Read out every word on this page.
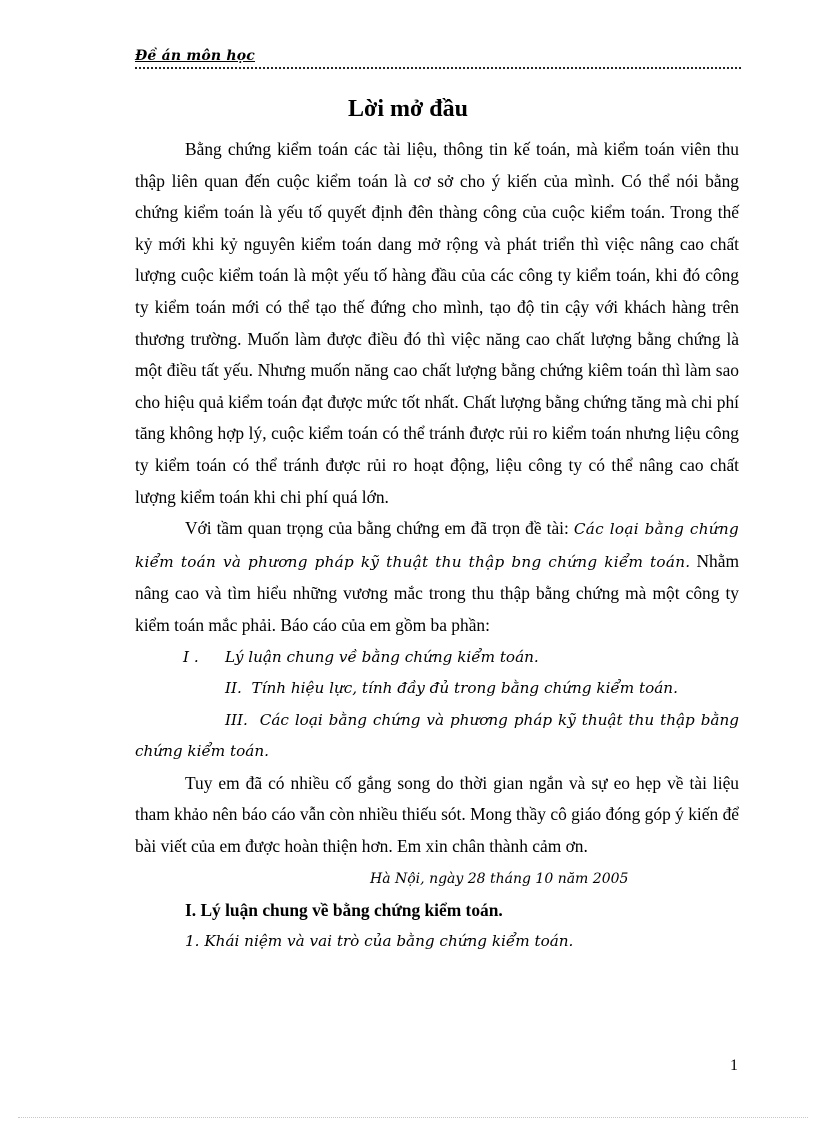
Đề án môn học
Lời mở đầu

Bằng chứng kiểm toán các tài liệu, thông tin kế toán, mà kiểm toán viên thu thập liên quan đến cuộc kiểm toán là cơ sở cho ý kiến của mình. Có thể nói bằng chứng kiểm toán là yếu tố quyết định đên thàng công của cuộc kiểm toán. Trong thế kỷ mới khi kỷ nguyên kiểm toán dang mở rộng và phát triển thì việc nâng cao chất lượng cuộc kiểm toán là một yếu tố hàng đầu của các công ty kiểm toán, khi đó công ty kiểm toán mới có thể tạo thế đứng cho mình, tạo độ tin cậy với khách hàng trên thương trường. Muốn làm được điều đó thì việc năng cao chất lượng bằng chứng là một điều tất yếu. Nhưng muốn năng cao chất lượng bằng chứng kiêm toán thì làm sao cho hiệu quả kiểm toán đạt được mức tốt nhất. Chất lượng bằng chứng tăng mà chi phí tăng không hợp lý, cuộc kiểm toán có thể tránh được rủi ro kiểm toán nhưng liệu công ty kiểm toán có thể tránh được rủi ro hoạt động, liệu công ty có thể nâng cao chất lượng kiểm toán khi chi phí quá lớn.

Với tầm quan trọng của bằng chứng em đã trọn đề tài: Các loại bằng chứng kiểm toán và phương pháp kỹ thuật thu thập bng chứng kiểm toán. Nhằm nâng cao và tìm hiểu những vương mắc trong thu thập bằng chứng mà một công ty kiểm toán mắc phải. Báo cáo của em gồm ba phần:

I . Lý luận chung về bằng chứng kiểm toán.

II. Tính hiệu lực, tính đầy đủ trong bằng chứng kiểm toán.

III. Các loại bằng chứng và phương pháp kỹ thuật thu thập bằng chứng kiểm toán.

Tuy em đã có nhiều cố gắng song do thời gian ngắn và sự eo hẹp về tài liệu tham khảo nên báo cáo vẫn còn nhiều thiếu sót. Mong thầy cô giáo đóng góp ý kiến để bài viết của em được hoàn thiện hơn. Em xin chân thành cảm ơn.

Hà Nội, ngày 28 tháng 10 năm 2005

I. Lý luận chung về bằng chứng kiểm toán.

1. Khái niệm và vai trò của bằng chứng kiểm toán.

1
